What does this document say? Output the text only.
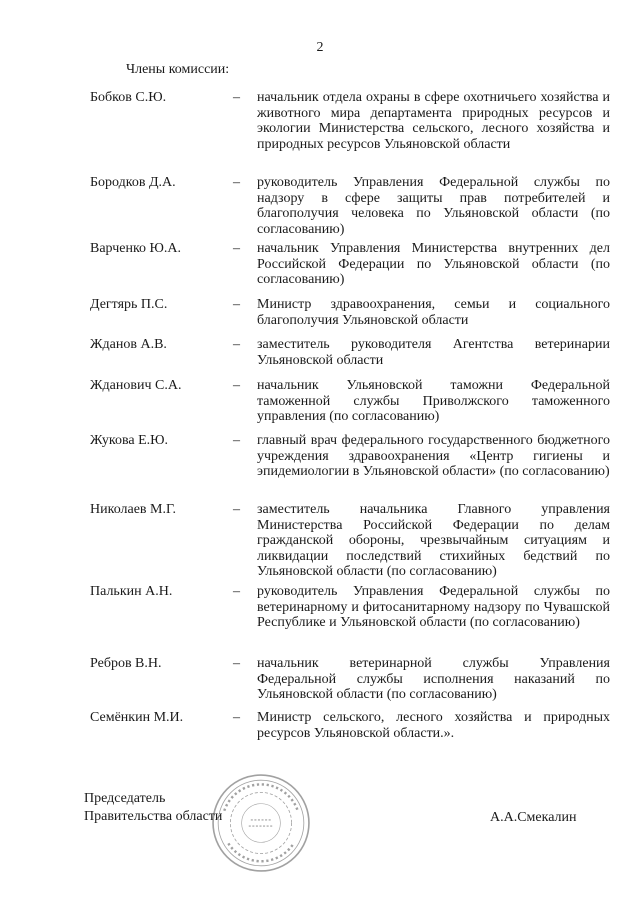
2
Члены комиссии:
Бобков С.Ю.	– начальник отдела охраны в сфере охотничьего хозяйства и животного мира департамента природных ресурсов и экологии Министерства сельского, лесного хозяйства и природных ресурсов Ульяновской области
Бородков Д.А.	– руководитель Управления Федеральной службы по надзору в сфере защиты прав потребителей и благополучия человека по Ульяновской области (по согласованию)
Варченко Ю.А.	– начальник Управления Министерства внутренних дел Российской Федерации по Ульяновской области (по согласованию)
Дегтярь П.С.	– Министр здравоохранения, семьи и социального благополучия Ульяновской области
Жданов А.В.	– заместитель руководителя Агентства ветеринарии Ульяновской области
Жданович С.А.	– начальник Ульяновской таможни Федеральной таможенной службы Приволжского таможенного управления (по согласованию)
Жукова Е.Ю.	– главный врач федерального государственного бюджетного учреждения здравоохранения «Центр гигиены и эпидемиологии в Ульяновской области» (по согласованию)
Николаев М.Г.	– заместитель начальника Главного управления Министерства Российской Федерации по делам гражданской обороны, чрезвычайным ситуациям и ликвидации последствий стихийных бедствий по Ульяновской области (по согласованию)
Палькин А.Н.	– руководитель Управления Федеральной службы по ветеринарному и фитосанитарному надзору по Чувашской Республике и Ульяновской области (по согласованию)
Ребров В.Н.	– начальник ветеринарной службы Управления Федеральной службы исполнения наказаний по Ульяновской области (по согласованию)
Семёнкин М.И.	– Министр сельского, лесного хозяйства и природных ресурсов Ульяновской области.».
Председатель
Правительства области	А.А.Смекалин
